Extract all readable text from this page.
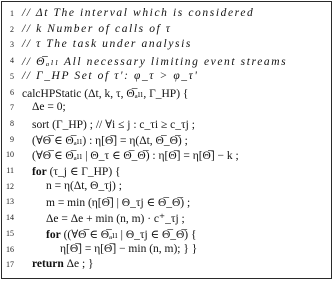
1 // Δt The interval which is considered
2 // k Number of calls of τ
3 // τ The task under analysis
4 // Θ̅ₐₗₗ All necessary limiting event streams
5 // Γ_HP Set of τ': φ_τ > φ_τ'
6 calcHPStatic (Δt, k, τ, Θ̅ₐₗₗ, Γ_HP) {
7 Δe = 0;
8 sort (Γ_HP) ; // ∀i ≤ j : c_τi ≥ c_τj ;
9 (∀Θ̅ ∈ Θ̅ₐₗₗ) : η[Θ̅] = η(Δt, Θ̅_Θ̅) ;
10 (∀Θ̅ ∈ Θ̅ₐₗₗ | Θ_τ ∈ Θ̅_Θ̅) : η[Θ̅] = η[Θ̅] − k ;
11 for (τ_j ∈ Γ_HP) {
12	n = η(Δt, Θ_τj) ;
13	m = min (η[Θ̅] | Θ_τj ∈ Θ̅_Θ̅) ;
14	Δe = Δe + min (n, m) · c⁺_τj ;
15	for ((∀Θ̅ ∈ Θ̅ₐₗₗ | Θ_τj ∈ Θ̅_Θ̅) {
16	η[Θ̅] = η[Θ̅] − min (n, m); } }
17 return Δe ; }
